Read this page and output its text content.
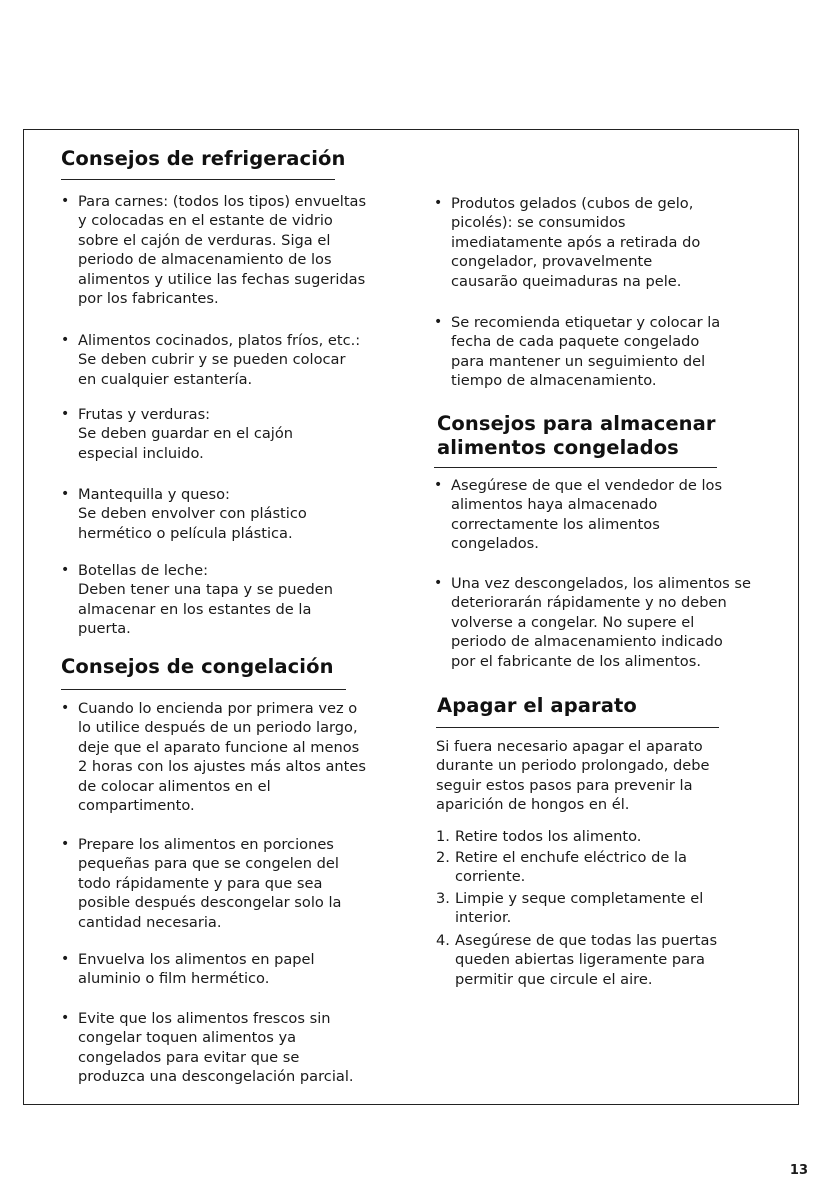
Consejos de refrigeración
• Para carnes: (todos los tipos) envueltas
y colocadas en el estante de vidrio
sobre el cajón de verduras. Siga el
periodo de almacenamiento de los
alimentos y utilice las fechas sugeridas
por los fabricantes.
• Alimentos cocinados, platos fríos, etc.:
Se deben cubrir y se pueden colocar
en cualquier estantería.
• Frutas y verduras:
Se deben guardar en el cajón
especial incluido.
• Mantequilla y queso:
Se deben envolver con plástico
hermético o película plástica.
• Botellas de leche:
Deben tener una tapa y se pueden
almacenar en los estantes de la
puerta.
Consejos de congelación
• Cuando lo encienda por primera vez o
lo utilice después de un periodo largo,
deje que el aparato funcione al menos
2 horas con los ajustes más altos antes
de colocar alimentos en el
compartimento.
• Prepare los alimentos en porciones
pequeñas para que se congelen del
todo rápidamente y para que sea
posible después descongelar solo la
cantidad necesaria.
• Envuelva los alimentos en papel
aluminio o film hermético.
• Evite que los alimentos frescos sin
congelar toquen alimentos ya
congelados para evitar que se
produzca una descongelación parcial.
• Produtos gelados (cubos de gelo,
picolés): se consumidos
imediatamente após a retirada do
congelador, provavelmente
causarão queimaduras na pele.
• Se recomienda etiquetar y colocar la
fecha de cada paquete congelado
para mantener un seguimiento del
tiempo de almacenamiento.
Consejos para almacenar
alimentos congelados
• Asegúrese de que el vendedor de los
alimentos haya almacenado
correctamente los alimentos
congelados.
• Una vez descongelados, los alimentos se
deteriorarán rápidamente y no deben
volverse a congelar. No supere el
periodo de almacenamiento indicado
por el fabricante de los alimentos.
Apagar el aparato
Si fuera necesario apagar el aparato
durante un periodo prolongado, debe
seguir estos pasos para prevenir la
aparición de hongos en él.
1. Retire todos los alimento.
2. Retire el enchufe eléctrico de la
corriente.
3. Limpie y seque completamente el
interior.
4. Asegúrese de que todas las puertas
queden abiertas ligeramente para
permitir que circule el aire.
13
